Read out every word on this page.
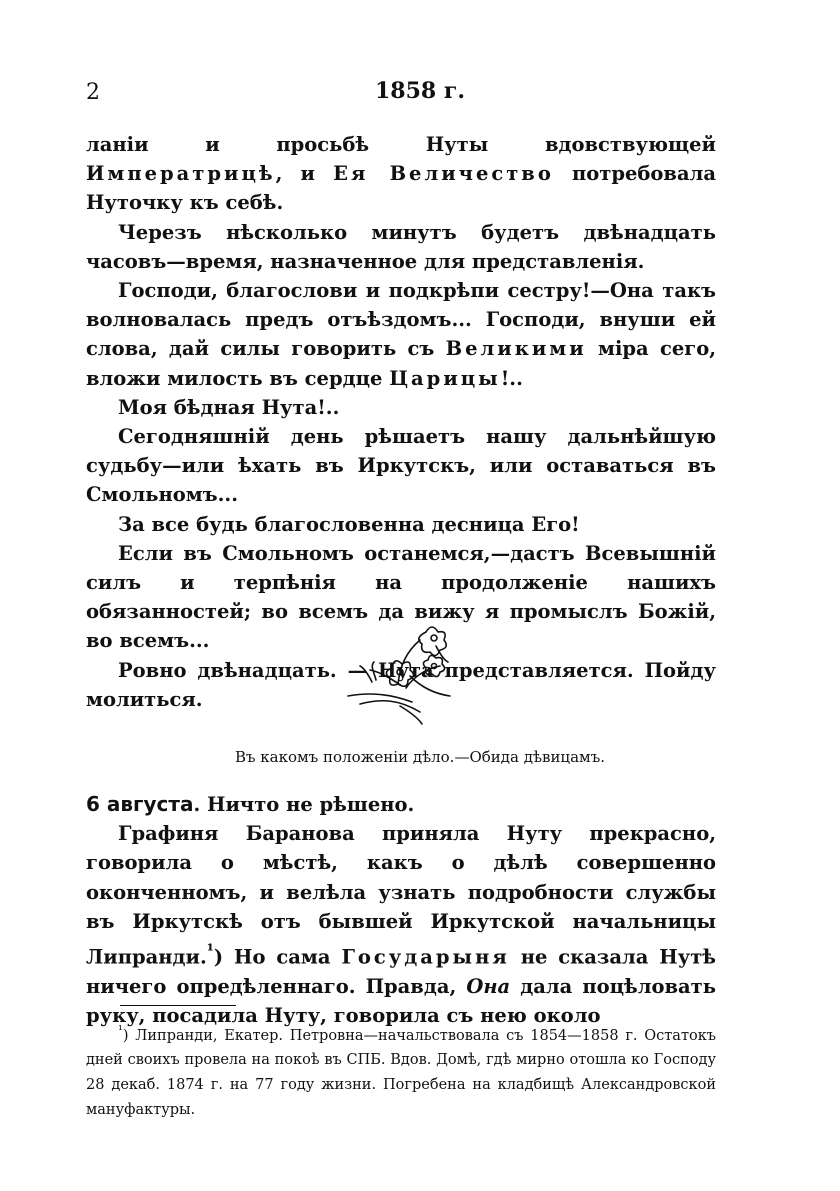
2	1858 г.

ланіи и просьбѣ Нуты вдовствующей Императрицѣ, и Ея Величество потребовала Нуточку къ себѣ.

Черезъ нѣсколько минутъ будетъ двѣнадцать часовъ—время, назначенное для представленія.

Господи, благослови и подкрѣпи сестру!—Она такъ волновалась предъ отъѣздомъ... Господи, внуши ей слова, дай силы говорить съ Великими міра сего, вложи милость въ сердце Царицы!..

Моя бѣдная Нута!..

Сегодняшній день рѣшаетъ нашу дальнѣйшую судьбу—или ѣхать въ Иркутскъ, или оставаться въ Смольномъ...

За все будь благословенна десница Его!

Если въ Смольномъ останемся,—дастъ Всевышній силъ и терпѣнія на продолженіе нашихъ обязанностей; во всемъ да вижу я промыслъ Божій, во всемъ...

Ровно двѣнадцать. — Нута представляется. Пойду молиться.

Въ какомъ положеніи дѣло.—Обида дѣвицамъ.

6 августа. Ничто не рѣшено.

Графиня Баранова приняла Нуту прекрасно, говорила о мѣстѣ, какъ о дѣлѣ совершенно оконченномъ, и велѣла узнать подробности службы въ Иркутскѣ отъ бывшей Иркутской начальницы Липранди.$^{^1}$) Но сама Государыня не сказала Нутѣ ничего опредѣленнаго. Правда, Она дала поцѣловать руку, посадила Нуту, говорила съ нею около

$^{^1}$) Липранди, Екатер. Петровна—начальствовала съ 1854—1858 г. Остатокъ дней своихъ провела на покоѣ въ СПБ. Вдов. Домѣ, гдѣ мирно отошла ко Господу 28 декаб. 1874 г. на 77 году жизни. Погребена на кладбищѣ Александровской мануфактуры.
